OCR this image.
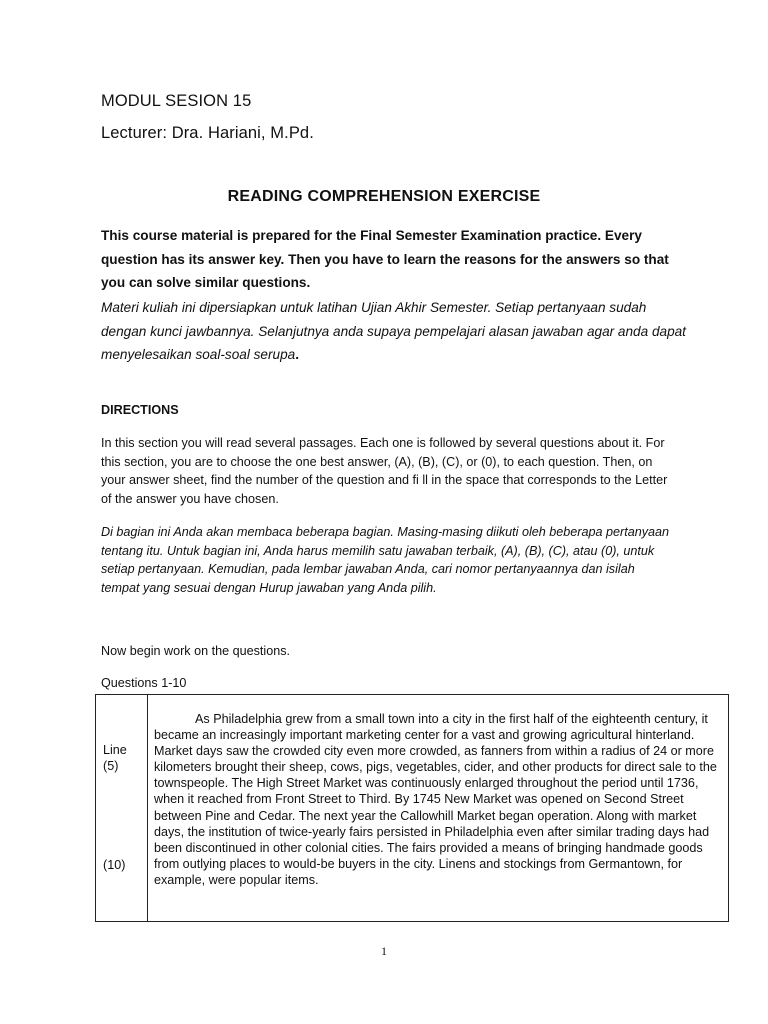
MODUL SESION 15
Lecturer: Dra. Hariani, M.Pd.
READING COMPREHENSION EXERCISE
This course material is prepared for the Final Semester Examination practice. Every question has its answer key. Then you have to learn the reasons for the answers so that you can solve similar questions.
Materi kuliah ini dipersiapkan untuk latihan Ujian Akhir Semester. Setiap pertanyaan sudah dengan kunci jawbannya. Selanjutnya anda supaya pempelajari alasan jawaban agar anda dapat menyelesaikan soal-soal serupa.
DIRECTIONS
In this section you will read several passages. Each one is followed by several questions about it. For this section, you are to choose the one best answer, (A), (B), (C), or (0), to each question. Then, on your answer sheet, find the number of the question and fi ll in the space that corresponds to the Letter of the answer you have chosen.
Di bagian ini Anda akan membaca beberapa bagian. Masing-masing diikuti oleh beberapa pertanyaan tentang itu. Untuk bagian ini, Anda harus memilih satu jawaban terbaik, (A), (B), (C), atau (0), untuk setiap pertanyaan. Kemudian, pada lembar jawaban Anda, cari nomor pertanyaannya dan isilah tempat yang sesuai dengan Hurup jawaban yang Anda pilih.
Now begin work on the questions.
Questions 1-10
Line
(5)
(10)

As Philadelphia grew from a small town into a city in the first half of the eighteenth century, it became an increasingly important marketing center for a vast and growing agricultural hinterland. Market days saw the crowded city even more crowded, as fanners from within a radius of 24 or more kilometers brought their sheep, cows, pigs, vegetables, cider, and other products for direct sale to the townspeople. The High Street Market was continuously enlarged throughout the period until 1736, when it reached from Front Street to Third. By 1745 New Market was opened on Second Street between Pine and Cedar. The next year the Callowhill Market began operation. Along with market days, the institution of twice-yearly fairs persisted in Philadelphia even after similar trading days had been discontinued in other colonial cities. The fairs provided a means of bringing handmade goods from outlying places to would-be buyers in the city. Linens and stockings from Germantown, for example, were popular items.

1
